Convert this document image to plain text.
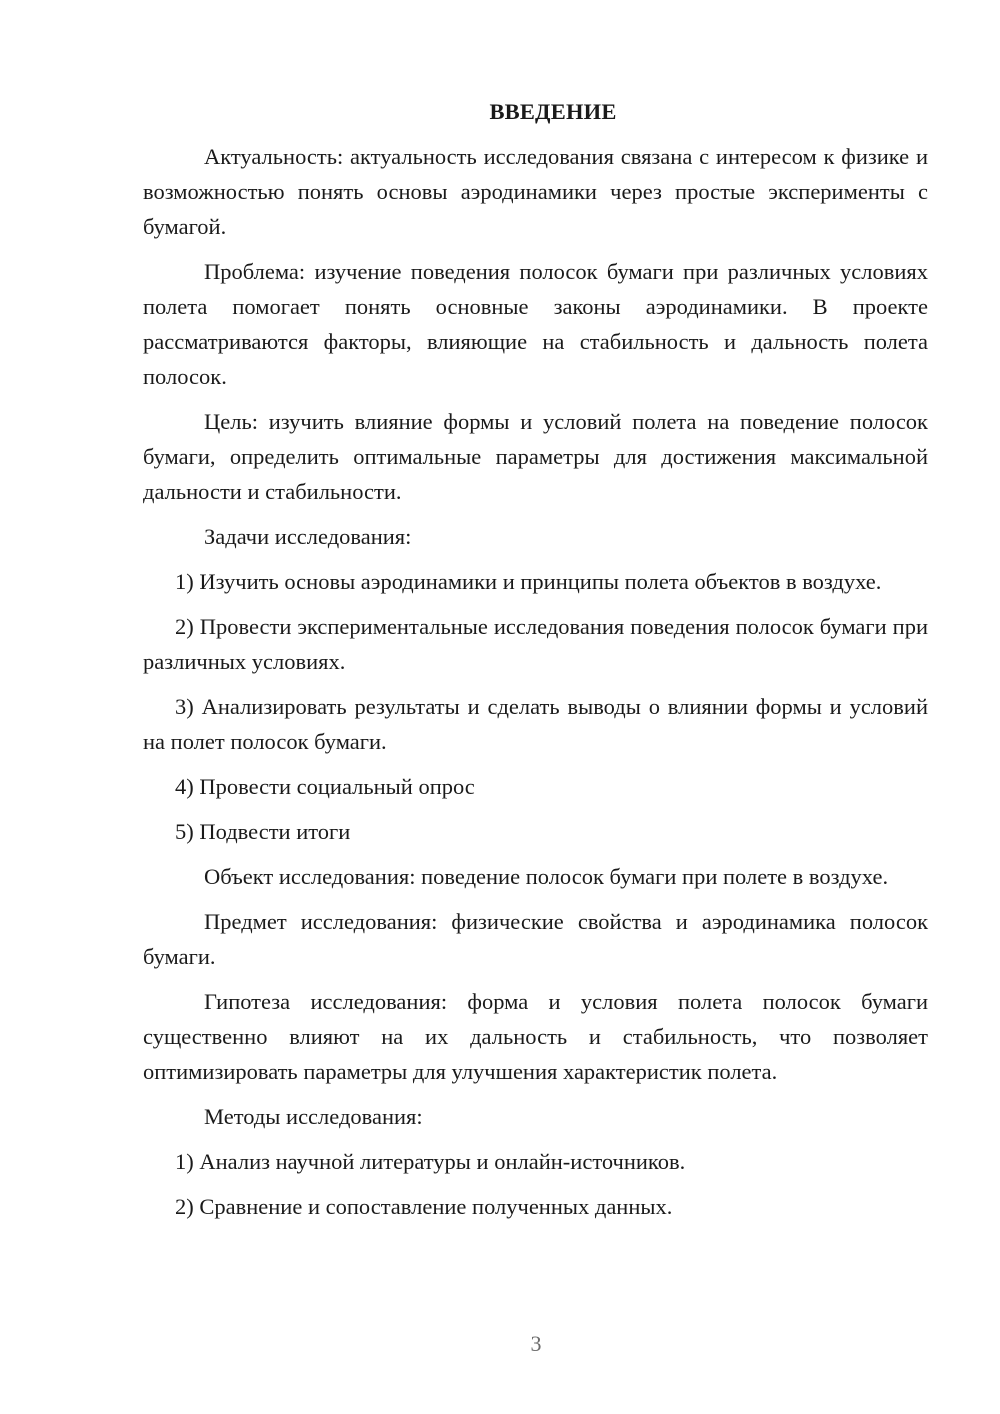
ВВЕДЕНИЕ

Актуальность: актуальность исследования связана с интересом к физике и возможностью понять основы аэродинамики через простые эксперименты с бумагой.

Проблема: изучение поведения полосок бумаги при различных условиях полета помогает понять основные законы аэродинамики. В проекте рассматриваются факторы, влияющие на стабильность и дальность полета полосок.

Цель: изучить влияние формы и условий полета на поведение полосок бумаги, определить оптимальные параметры для достижения максимальной дальности и стабильности.

Задачи исследования:

1) Изучить основы аэродинамики и принципы полета объектов в воздухе.

2) Провести экспериментальные исследования поведения полосок бумаги при различных условиях.

3) Анализировать результаты и сделать выводы о влиянии формы и условий на полет полосок бумаги.

4) Провести социальный опрос

5) Подвести итоги

Объект исследования: поведение полосок бумаги при полете в воздухе.

Предмет исследования: физические свойства и аэродинамика полосок бумаги.

Гипотеза исследования: форма и условия полета полосок бумаги существенно влияют на их дальность и стабильность, что позволяет оптимизировать параметры для улучшения характеристик полета.

Методы исследования:

1) Анализ научной литературы и онлайн-источников.

2) Сравнение и сопоставление полученных данных.

3
